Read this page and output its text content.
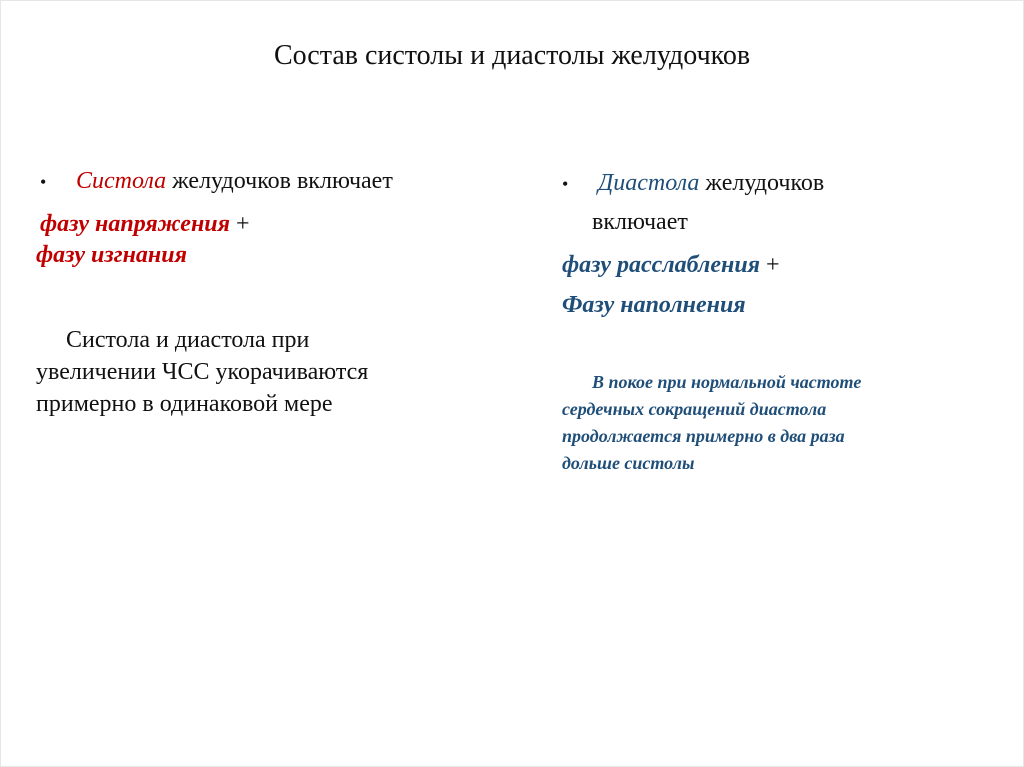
Состав систолы и диастолы желудочков
• Систола желудочков включает
фазу напряжения +
фазу изгнания
Систола и диастола при
увеличении ЧСС укорачиваются
примерно в одинаковой мере
• Диастола желудочков
включает
фазу расслабления +
Фазу наполнения
В покое при нормальной частоте
сердечных сокращений диастола
продолжается примерно в два раза
дольше систолы
